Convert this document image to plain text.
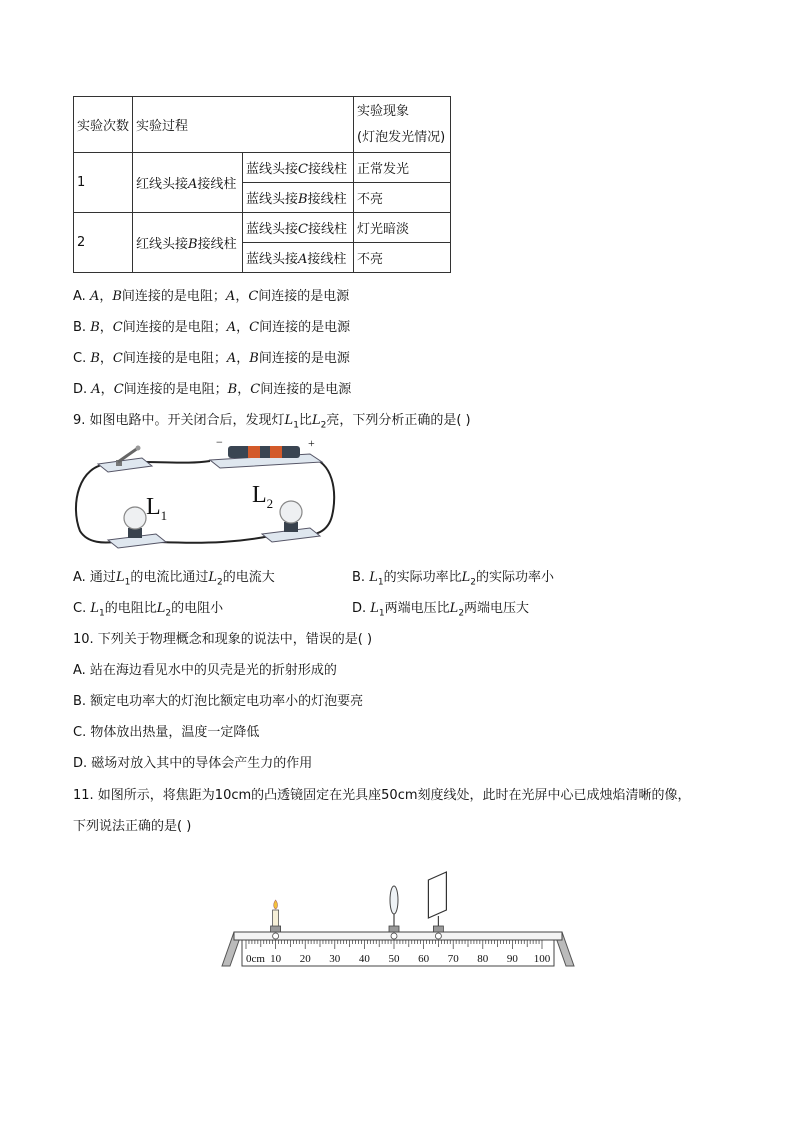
实验次数	实验过程		实验现象
(灯泡发光情况)

1	红线头接A接线柱	蓝线头接C接线柱	正常发光
		蓝线头接B接线柱	不亮
2	红线头接B接线柱	蓝线头接C接线柱	灯光暗淡
		蓝线头接A接线柱	不亮
A. A，B间连接的是电阻；A，C间连接的是电源
B. B，C间连接的是电阻；A，C间连接的是电源
C. B，C间连接的是电阻；A，B间连接的是电源
D. A，C间连接的是电阻；B，C间连接的是电源
9. 如图电路中。开关闭合后，发现灯$L_1$比$L_2$亮，下列分析正确的是( )
−	+
$L_1$
$L_2$
A. 通过$L_1$的电流比通过$L_2$的电流大	B. $L_1$的实际功率比$L_2$的实际功率小
C. $L_1$的电阻比$L_2$的电阻小	D. $L_1$两端电压比$L_2$两端电压大
10. 下列关于物理概念和现象的说法中，错误的是( )
A. 站在海边看见水中的贝壳是光的折射形成的
B. 额定电功率大的灯泡比额定电功率小的灯泡要亮
C. 物体放出热量，温度一定降低
D. 磁场对放入其中的导体会产生力的作用
11. 如图所示，将焦距为10cm的凸透镜固定在光具座50cm刻度线处，此时在光屏中心已成烛焰清晰的像，
下列说法正确的是( )
0cm 10 20 30 40 50 60 70 80 90 100
